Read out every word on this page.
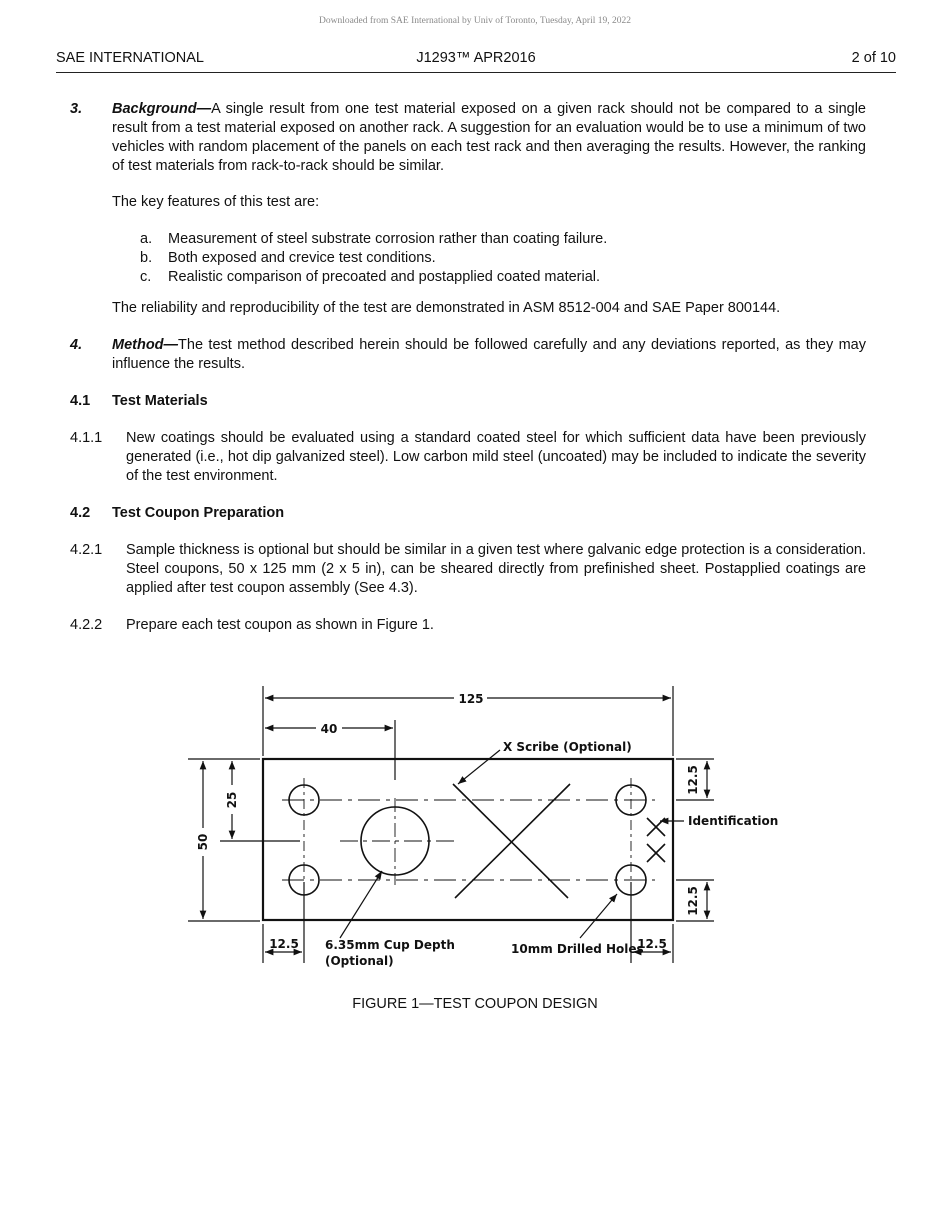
Downloaded from SAE International by Univ of Toronto, Tuesday, April 19, 2022
SAE INTERNATIONAL	J1293™ APR2016	2 of 10
3. Background—A single result from one test material exposed on a given rack should not be compared to a single result from a test material exposed on another rack. A suggestion for an evaluation would be to use a minimum of two vehicles with random placement of the panels on each test rack and then averaging the results. However, the ranking of test materials from rack-to-rack should be similar.
The key features of this test are:
a. Measurement of steel substrate corrosion rather than coating failure.
b. Both exposed and crevice test conditions.
c. Realistic comparison of precoated and postapplied coated material.
The reliability and reproducibility of the test are demonstrated in ASM 8512-004 and SAE Paper 800144.
4. Method—The test method described herein should be followed carefully and any deviations reported, as they may influence the results.
4.1 Test Materials
4.1.1 New coatings should be evaluated using a standard coated steel for which sufficient data have been previously generated (i.e., hot dip galvanized steel). Low carbon mild steel (uncoated) may be included to indicate the severity of the test environment.
4.2 Test Coupon Preparation
4.2.1 Sample thickness is optional but should be similar in a given test where galvanic edge protection is a consideration. Steel coupons, 50 x 125 mm (2 x 5 in), can be sheared directly from prefinished sheet. Postapplied coatings are applied after test coupon assembly (See 4.3).
4.2.2 Prepare each test coupon as shown in Figure 1.
125
40
50
25
12.5
12.5
12.5	12.5
X Scribe (Optional)
Identification
6.35mm Cup Depth
(Optional)
10mm Drilled Holes
FIGURE 1—TEST COUPON DESIGN
